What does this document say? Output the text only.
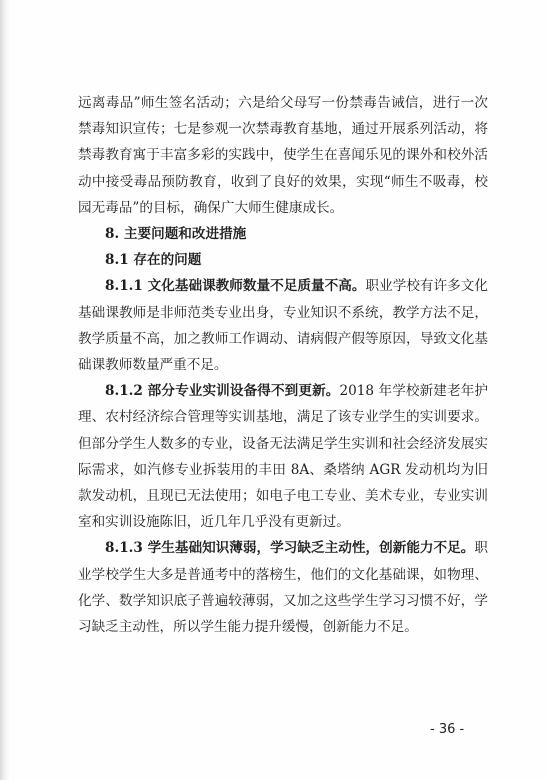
远离毒品”师生签名活动；六是给父母写一份禁毒告诫信，进行一次禁毒知识宣传；七是参观一次禁毒教育基地，通过开展系列活动，将禁毒教育寓于丰富多彩的实践中，使学生在喜闻乐见的课外和校外活动中接受毒品预防教育，收到了良好的效果，实现“师生不吸毒，校园无毒品”的目标，确保广大师生健康成长。

8. 主要问题和改进措施

8.1 存在的问题

8.1.1 文化基础课教师数量不足质量不高。职业学校有许多文化基础课教师是非师范类专业出身，专业知识不系统，教学方法不足，教学质量不高，加之教师工作调动、请病假产假等原因，导致文化基础课教师数量严重不足。

8.1.2 部分专业实训设备得不到更新。2018 年学校新建老年护理、农村经济综合管理等实训基地，满足了该专业学生的实训要求。但部分学生人数多的专业，设备无法满足学生实训和社会经济发展实际需求，如汽修专业拆装用的丰田 8A、桑塔纳 AGR 发动机均为旧款发动机，且现已无法使用；如电子电工专业、美术专业，专业实训室和实训设施陈旧，近几年几乎没有更新过。

8.1.3 学生基础知识薄弱，学习缺乏主动性，创新能力不足。职业学校学生大多是普通考中的落榜生，他们的文化基础课，如物理、化学、数学知识底子普遍较薄弱，又加之这些学生学习习惯不好，学习缺乏主动性，所以学生能力提升缓慢，创新能力不足。

- 36 -
